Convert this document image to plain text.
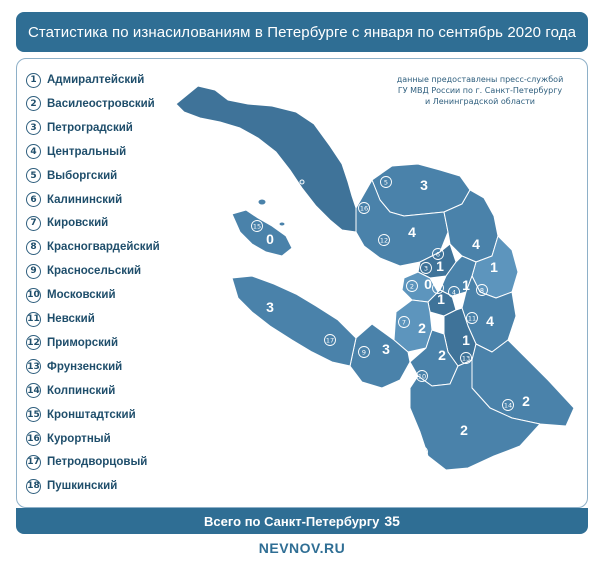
Статистика по изнасилованиям в Петербурге с января по сентябрь 2020 года
1
16
3
5
4
12
0
15
3
17
4
6
1
8
1
3
0
2	1
4
1
1
4
11
2
7
1
13
3
9	2
10
2
14
2
18
1 Адмиралтейский
2 Василеостровский
3 Петроградский
4 Центральный
5 Выборгский
6 Калининский
7 Кировский
8 Красногвардейский
9 Красносельский
10 Московский
11 Невский
12 Приморский
13 Фрунзенский
14 Колпинский
15 Кронштадтский
16 Курортный
17 Петродворцовый
18 Пушкинский
данные предоставлены пресс-службой
ГУ МВД России по г. Санкт-Петербургу
и Ленинградской области
Всего по Санкт-Петербургу 35
NEVNOV.RU
